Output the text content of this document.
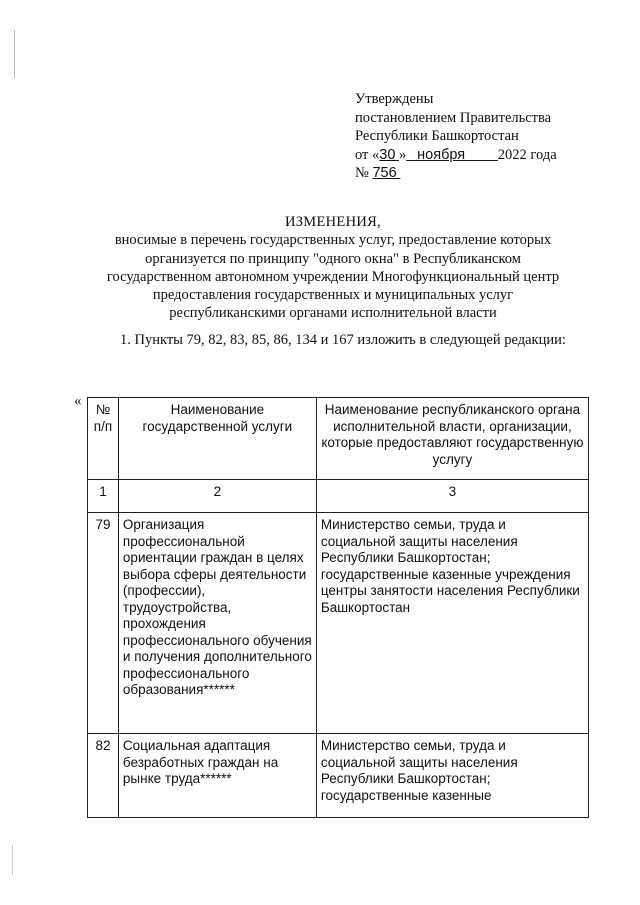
Утверждены
постановлением Правительства
Республики Башкортостан
от «30 » ноября 2022 года
№ 756
ИЗМЕНЕНИЯ,
вносимые в перечень государственных услуг, предоставление которых
организуется по принципу "одного окна" в Республиканском
государственном автономном учреждении Многофункциональный центр
предоставления государственных и муниципальных услуг
республиканскими органами исполнительной власти
1. Пункты 79, 82, 83, 85, 86, 134 и 167 изложить в следующей редакции:
«
№ п/п	Наименование государственной услуги	Наименование республиканского органа исполнительной власти, организации, которые предоставляют государственную услугу
1	2	3
79	Организация профессиональной ориентации граждан в целях выбора сферы деятельности (профессии), трудоустройства, прохождения профессионального обучения и получения дополнительного профессионального образования******	Министерство семьи, труда и социальной защиты населения Республики Башкортостан; государственные казенные учреждения центры занятости населения Республики Башкортостан
82	Социальная адаптация безработных граждан на рынке труда******	Министерство семьи, труда и социальной защиты населения Республики Башкортостан; государственные казенные
